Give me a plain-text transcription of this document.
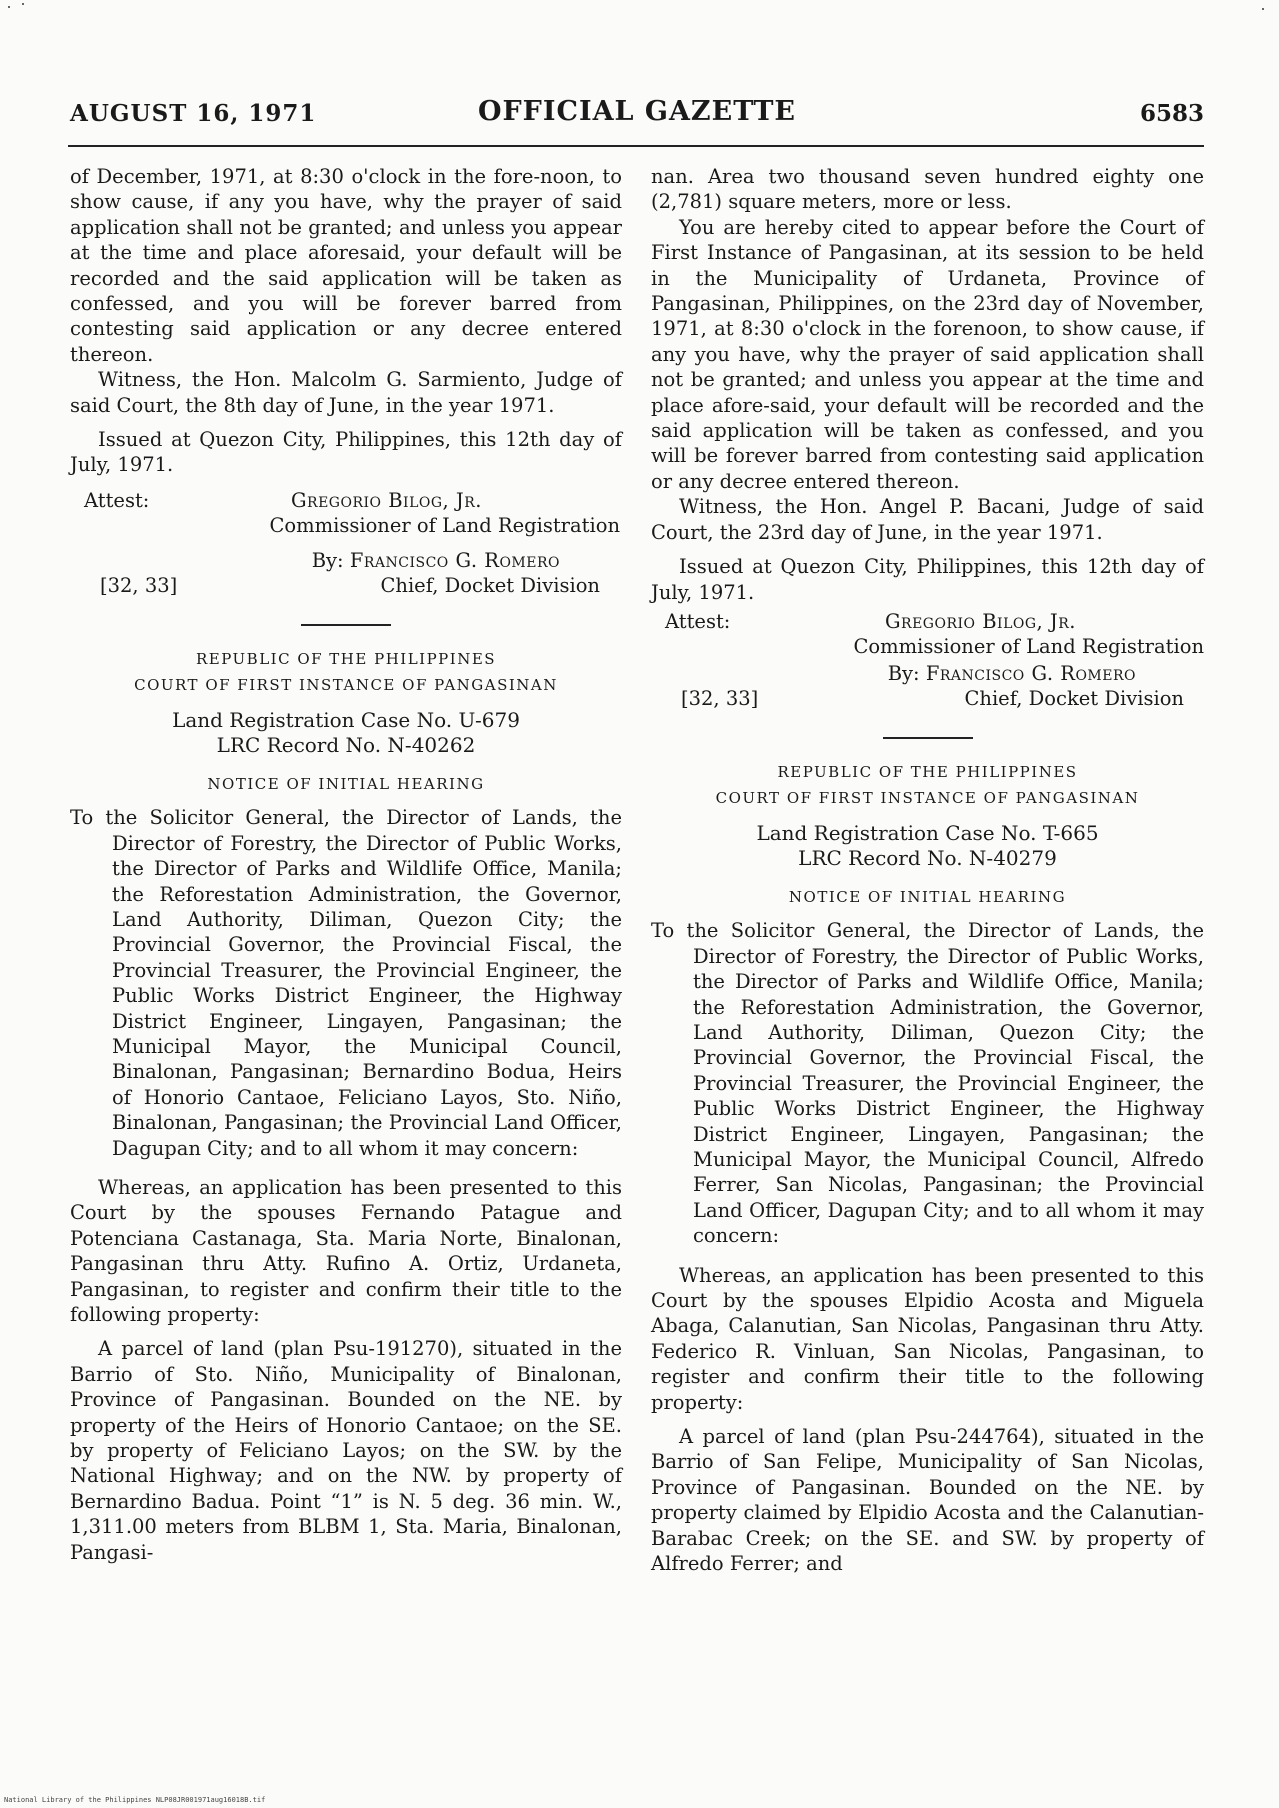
AUGUST 16, 1971	OFFICIAL GAZETTE	6583

of December, 1971, at 8:30 o'clock in the fore-noon, to show cause, if any you have, why the prayer of said application shall not be granted; and unless you appear at the time and place aforesaid, your default will be recorded and the said application will be taken as confessed, and you will be forever barred from contesting said application or any decree entered thereon.

Witness, the Hon. Malcolm G. Sarmiento, Judge of said Court, the 8th day of June, in the year 1971.

Issued at Quezon City, Philippines, this 12th day of July, 1971.

Attest:	Gregorio Bilog, Jr.
Commissioner of Land Registration
By: Francisco G. Romero
[32, 33]	Chief, Docket Division
REPUBLIC OF THE PHILIPPINES
COURT OF FIRST INSTANCE OF PANGASINAN
Land Registration Case No. U-679
LRC Record No. N-40262
NOTICE OF INITIAL HEARING

To the Solicitor General, the Director of Lands, the Director of Forestry, the Director of Public Works, the Director of Parks and Wildlife Office, Manila; the Reforestation Administration, the Governor, Land Authority, Diliman, Quezon City; the Provincial Governor, the Provincial Fiscal, the Provincial Treasurer, the Provincial Engineer, the Public Works District Engineer, the Highway District Engineer, Lingayen, Pangasinan; the Municipal Mayor, the Municipal Council, Binalonan, Pangasinan; Bernardino Bodua, Heirs of Honorio Cantaoe, Feliciano Layos, Sto. Niño, Binalonan, Pangasinan; the Provincial Land Officer, Dagupan City; and to all whom it may concern:

Whereas, an application has been presented to this Court by the spouses Fernando Patague and Potenciana Castanaga, Sta. Maria Norte, Binalonan, Pangasinan thru Atty. Rufino A. Ortiz, Urdaneta, Pangasinan, to register and confirm their title to the following property:

A parcel of land (plan Psu-191270), situated in the Barrio of Sto. Niño, Municipality of Binalonan, Province of Pangasinan. Bounded on the NE. by property of the Heirs of Honorio Cantaoe; on the SE. by property of Feliciano Layos; on the SW. by the National Highway; and on the NW. by property of Bernardino Badua. Point “1” is N. 5 deg. 36 min. W., 1,311.00 meters from BLBM 1, Sta. Maria, Binalonan, Pangasi-

nan. Area two thousand seven hundred eighty one (2,781) square meters, more or less.

You are hereby cited to appear before the Court of First Instance of Pangasinan, at its session to be held in the Municipality of Urdaneta, Province of Pangasinan, Philippines, on the 23rd day of November, 1971, at 8:30 o'clock in the forenoon, to show cause, if any you have, why the prayer of said application shall not be granted; and unless you appear at the time and place afore-said, your default will be recorded and the said application will be taken as confessed, and you will be forever barred from contesting said application or any decree entered thereon.

Witness, the Hon. Angel P. Bacani, Judge of said Court, the 23rd day of June, in the year 1971.

Issued at Quezon City, Philippines, this 12th day of July, 1971.

Attest:	Gregorio Bilog, Jr.
Commissioner of Land Registration
By: Francisco G. Romero
[32, 33]	Chief, Docket Division
REPUBLIC OF THE PHILIPPINES
COURT OF FIRST INSTANCE OF PANGASINAN
Land Registration Case No. T-665
LRC Record No. N-40279
NOTICE OF INITIAL HEARING

To the Solicitor General, the Director of Lands, the Director of Forestry, the Director of Public Works, the Director of Parks and Wildlife Office, Manila; the Reforestation Administration, the Governor, Land Authority, Diliman, Quezon City; the Provincial Governor, the Provincial Fiscal, the Provincial Treasurer, the Provincial Engineer, the Public Works District Engineer, the Highway District Engineer, Lingayen, Pangasinan; the Municipal Mayor, the Municipal Council, Alfredo Ferrer, San Nicolas, Pangasinan; the Provincial Land Officer, Dagupan City; and to all whom it may concern:

Whereas, an application has been presented to this Court by the spouses Elpidio Acosta and Miguela Abaga, Calanutian, San Nicolas, Pangasinan thru Atty. Federico R. Vinluan, San Nicolas, Pangasinan, to register and confirm their title to the following property:

A parcel of land (plan Psu-244764), situated in the Barrio of San Felipe, Municipality of San Nicolas, Province of Pangasinan. Bounded on the NE. by property claimed by Elpidio Acosta and the Calanutian-Barabac Creek; on the SE. and SW. by property of Alfredo Ferrer; and

National Library of the Philippines NLP08JR001971aug16018B.tif
